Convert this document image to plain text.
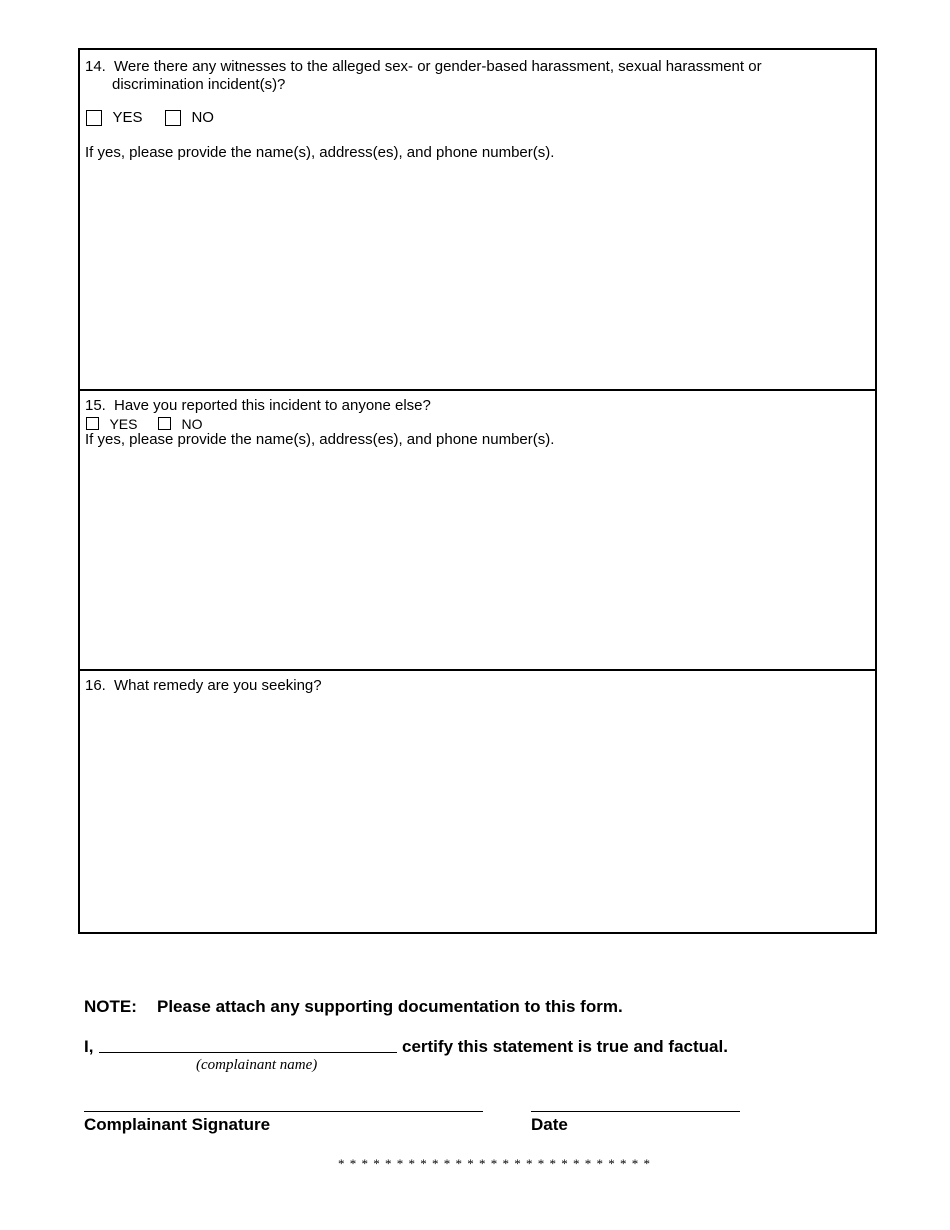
14. Were there any witnesses to the alleged sex- or gender-based harassment, sexual harassment or
discrimination incident(s)?
YES	NO
If yes, please provide the name(s), address(es), and phone number(s).
15. Have you reported this incident to anyone else?
YES	NO
If yes, please provide the name(s), address(es), and phone number(s).
16. What remedy are you seeking?
NOTE: Please attach any supporting documentation to this form.
I,	certify this statement is true and factual.
(complainant name)
Complainant Signature	Date
* * * * * * * * * * * * * * * * * * * * * * * * * * *
